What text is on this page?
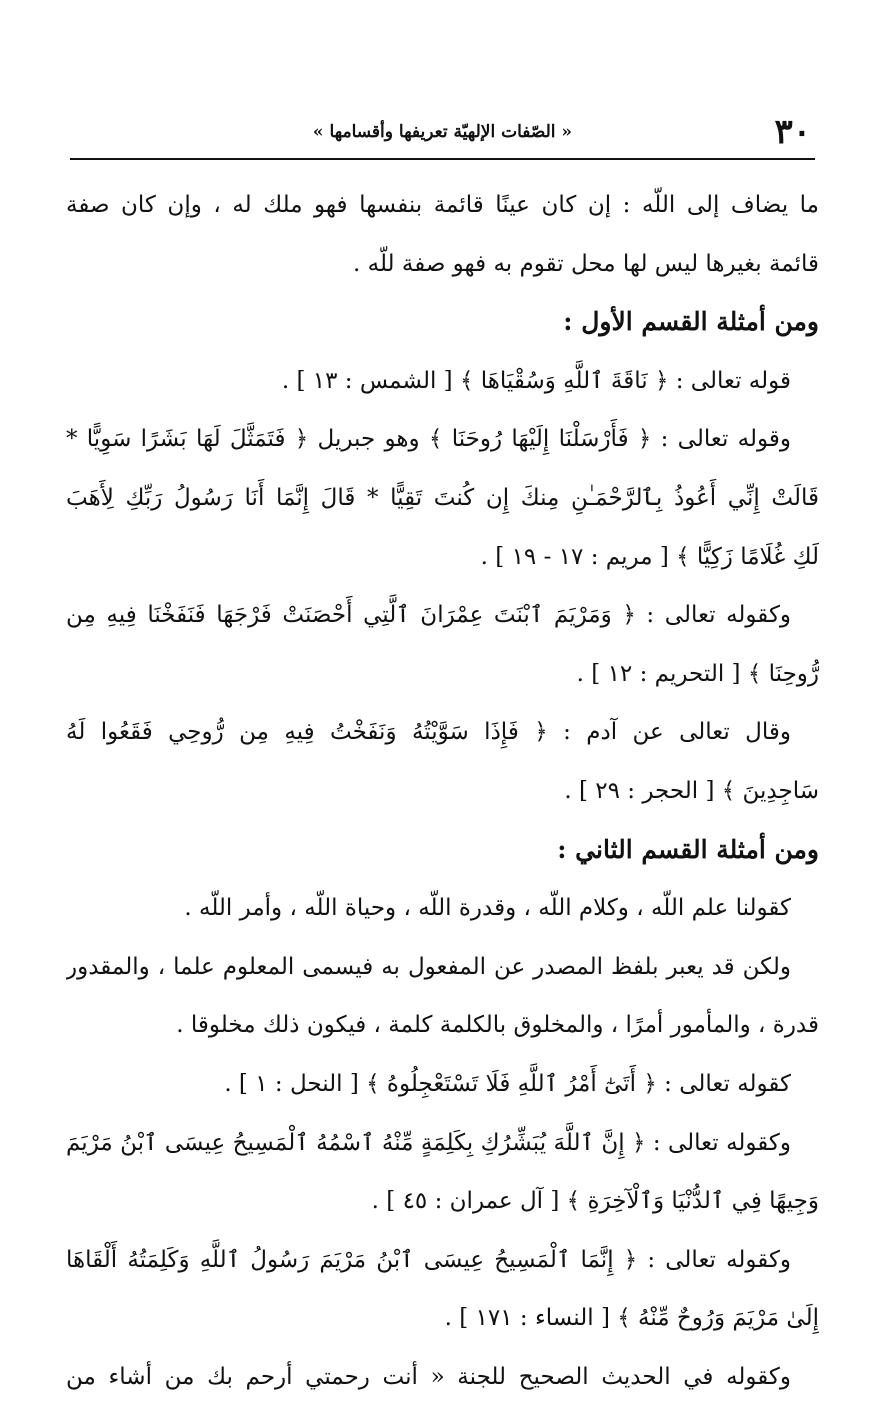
٣٠
« الصّفات الإلهيّة تعريفها وأقسامها »
ما يضاف إلى اللّه : إن كان عينًا قائمة بنفسها فهو ملك له ، وإن كان صفة
قائمة بغيرها ليس لها محل تقوم به فهو صفة للّه .
ومن أمثلة القسم الأول :
قوله تعالى : ﴿ نَاقَةَ ٱللَّهِ وَسُقْيَاهَا ﴾ [ الشمس : ١٣ ] .
وقوله تعالى : ﴿ فَأَرْسَلْنَا إِلَيْهَا رُوحَنَا ﴾ وهو جبريل ﴿ فَتَمَثَّلَ لَهَا بَشَرًا سَوِيًّا *
قَالَتْ إِنِّي أَعُوذُ بِٱلرَّحْمَـٰنِ مِنكَ إِن كُنتَ تَقِيًّا * قَالَ إِنَّمَا أَنَا رَسُولُ رَبِّكِ لِأَهَبَ
لَكِ غُلَامًا زَكِيًّا ﴾ [ مريم : ١٧ - ١٩ ] .
وكقوله تعالى : ﴿ وَمَرْيَمَ ٱبْنَتَ عِمْرَانَ ٱلَّتِي أَحْصَنَتْ فَرْجَهَا فَنَفَخْنَا فِيهِ مِن
رُّوحِنَا ﴾ [ التحريم : ١٢ ] .
وقال تعالى عن آدم : ﴿ فَإِذَا سَوَّيْتُهُ وَنَفَخْتُ فِيهِ مِن رُّوحِي فَقَعُوا لَهُ
سَاجِدِينَ ﴾ [ الحجر : ٢٩ ] .
ومن أمثلة القسم الثاني :
كقولنا علم اللّه ، وكلام اللّه ، وقدرة اللّه ، وحياة اللّه ، وأمر اللّه .
ولكن قد يعبر بلفظ المصدر عن المفعول به فيسمى المعلوم علما ، والمقدور
قدرة ، والمأمور أمرًا ، والمخلوق بالكلمة كلمة ، فيكون ذلك مخلوقا .
كقوله تعالى : ﴿ أَتَىٰٓ أَمْرُ ٱللَّهِ فَلَا تَسْتَعْجِلُوهُ ﴾ [ النحل : ١ ] .
وكقوله تعالى : ﴿ إِنَّ ٱللَّهَ يُبَشِّرُكِ بِكَلِمَةٍ مِّنْهُ ٱسْمُهُ ٱلْمَسِيحُ عِيسَى ٱبْنُ مَرْيَمَ
وَجِيهًا فِي ٱلدُّنْيَا وَٱلْآخِرَةِ ﴾ [ آل عمران : ٤٥ ] .
وكقوله تعالى : ﴿ إِنَّمَا ٱلْمَسِيحُ عِيسَى ٱبْنُ مَرْيَمَ رَسُولُ ٱللَّهِ وَكَلِمَتُهُ أَلْقَاهَا
إِلَىٰ مَرْيَمَ وَرُوحٌ مِّنْهُ ﴾ [ النساء : ١٧١ ] .
وكقوله في الحديث الصحيح للجنة « أنت رحمتي أرحم بك من أشاء من
